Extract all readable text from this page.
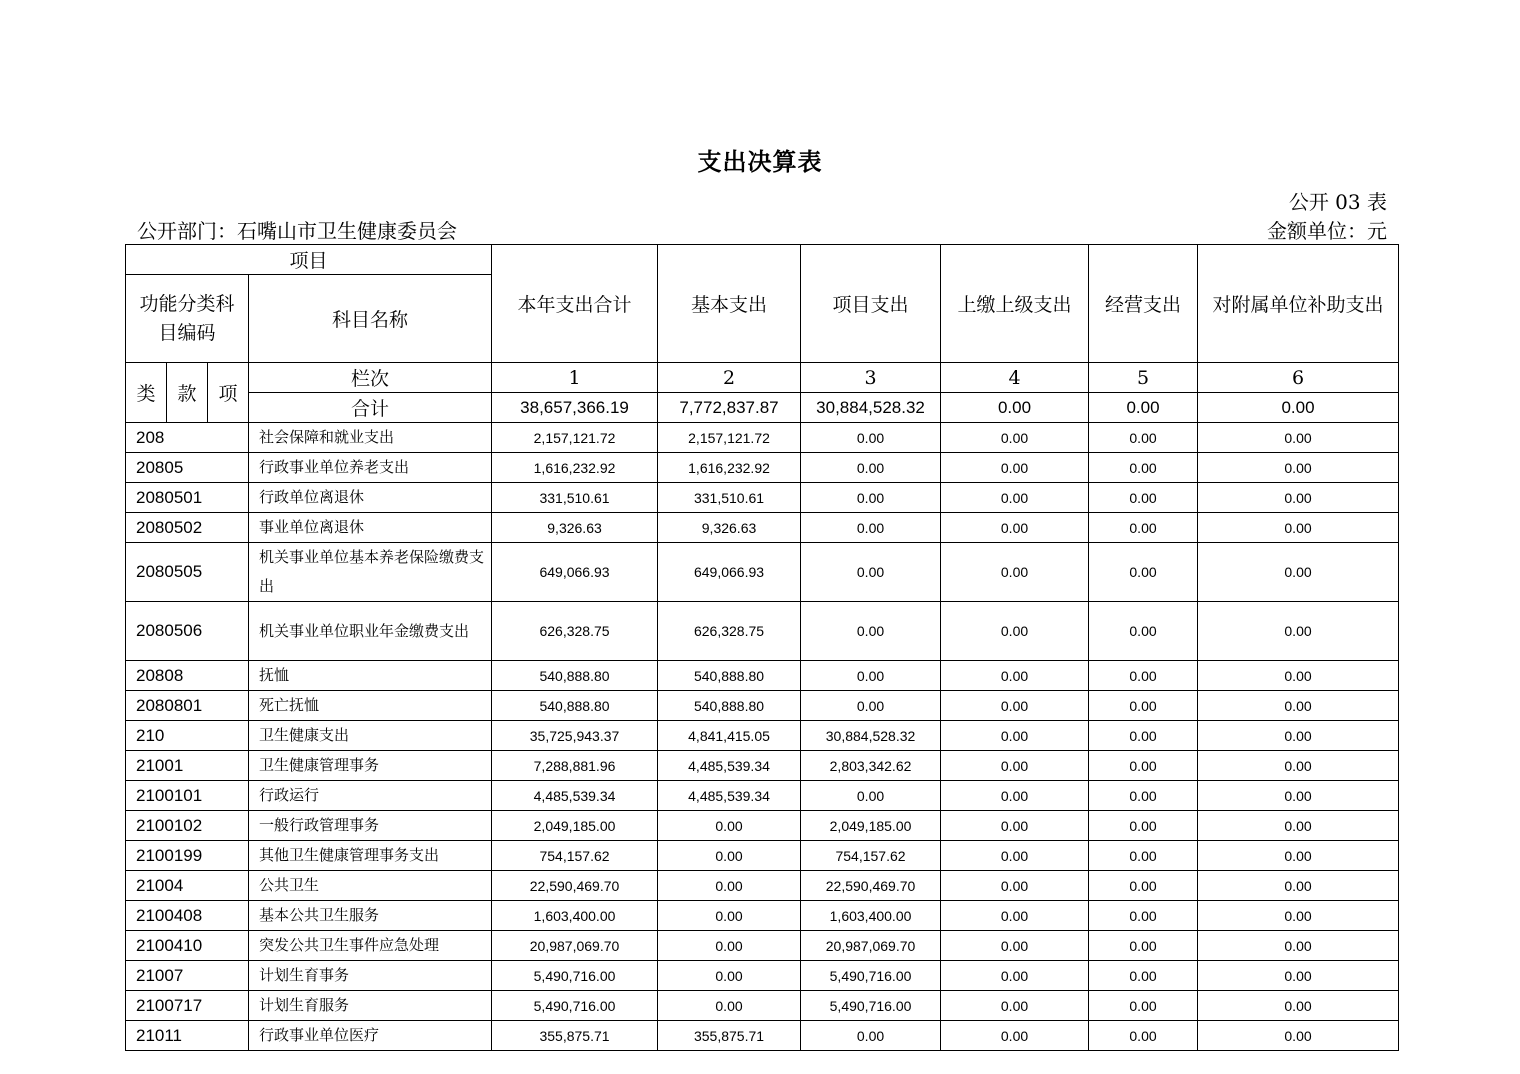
支出决算表
公开 03 表
公开部门：石嘴山市卫生健康委员会	金额单位：元
项目				本年支出合计	基本支出	项目支出	上缴上级支出	经营支出	对附属单位补助支出
功能分类科目编码			科目名称						
类	款	项	栏次	1	2	3	4	5	6
			合计	38,657,366.19	7,772,837.87	30,884,528.32	0.00	0.00	0.00
208			社会保障和就业支出	2,157,121.72	2,157,121.72	0.00	0.00	0.00	0.00
20805			行政事业单位养老支出	1,616,232.92	1,616,232.92	0.00	0.00	0.00	0.00
2080501			行政单位离退休	331,510.61	331,510.61	0.00	0.00	0.00	0.00
2080502			事业单位离退休	9,326.63	9,326.63	0.00	0.00	0.00	0.00
2080505			机关事业单位基本养老保险缴费支出	649,066.93	649,066.93	0.00	0.00	0.00	0.00
2080506			机关事业单位职业年金缴费支出	626,328.75	626,328.75	0.00	0.00	0.00	0.00
20808			抚恤	540,888.80	540,888.80	0.00	0.00	0.00	0.00
2080801			死亡抚恤	540,888.80	540,888.80	0.00	0.00	0.00	0.00
210			卫生健康支出	35,725,943.37	4,841,415.05	30,884,528.32	0.00	0.00	0.00
21001			卫生健康管理事务	7,288,881.96	4,485,539.34	2,803,342.62	0.00	0.00	0.00
2100101			行政运行	4,485,539.34	4,485,539.34	0.00	0.00	0.00	0.00
2100102			一般行政管理事务	2,049,185.00	0.00	2,049,185.00	0.00	0.00	0.00
2100199			其他卫生健康管理事务支出	754,157.62	0.00	754,157.62	0.00	0.00	0.00
21004			公共卫生	22,590,469.70	0.00	22,590,469.70	0.00	0.00	0.00
2100408			基本公共卫生服务	1,603,400.00	0.00	1,603,400.00	0.00	0.00	0.00
2100410			突发公共卫生事件应急处理	20,987,069.70	0.00	20,987,069.70	0.00	0.00	0.00
21007			计划生育事务	5,490,716.00	0.00	5,490,716.00	0.00	0.00	0.00
2100717			计划生育服务	5,490,716.00	0.00	5,490,716.00	0.00	0.00	0.00
21011			行政事业单位医疗	355,875.71	355,875.71	0.00	0.00	0.00	0.00
